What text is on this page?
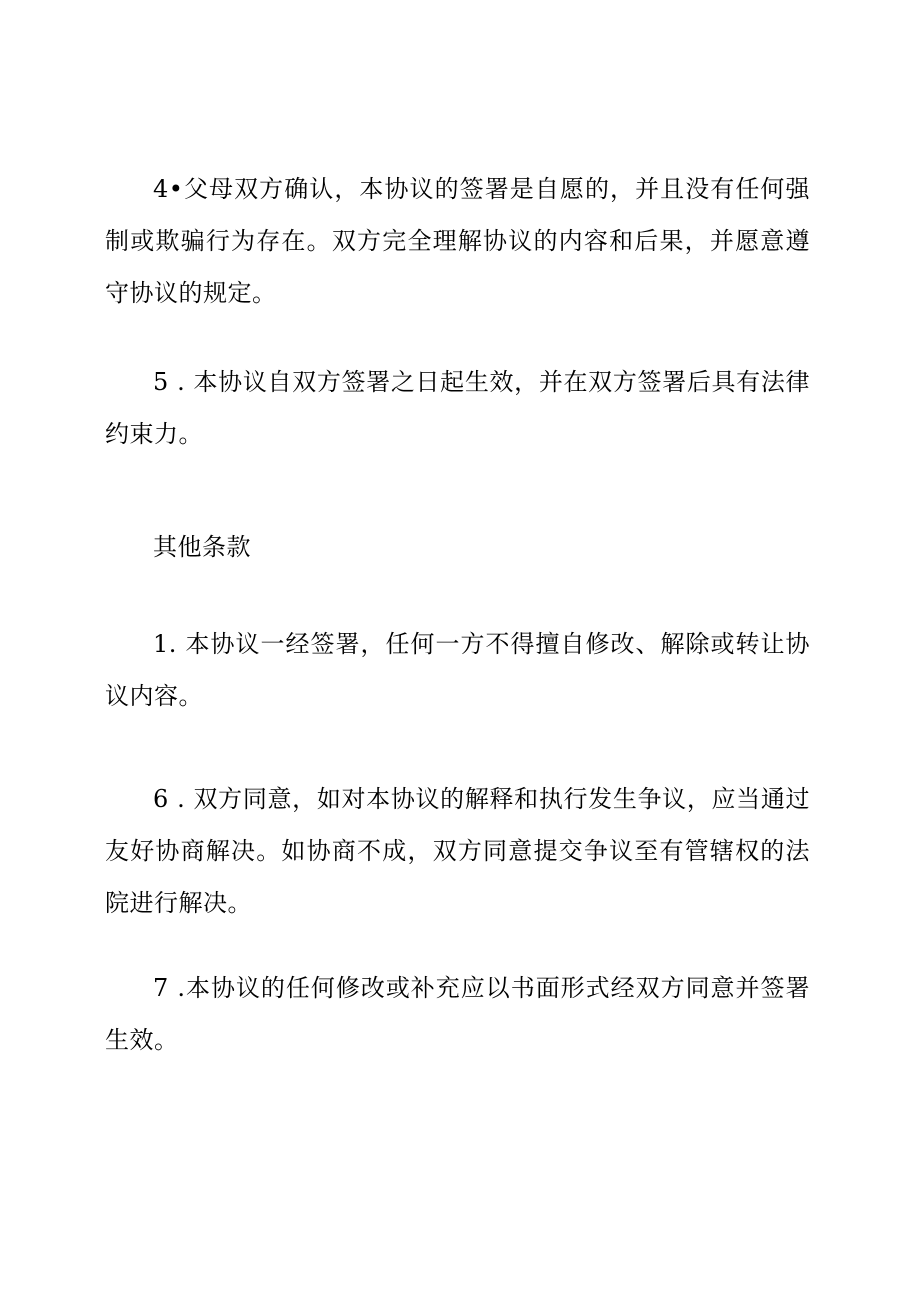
4•父母双方确认，本协议的签署是自愿的，并且没有任何强制或欺骗行为存在。双方完全理解协议的内容和后果，并愿意遵守协议的规定。

5 . 本协议自双方签署之日起生效，并在双方签署后具有法律约束力。

其他条款

1. 本协议一经签署，任何一方不得擅自修改、解除或转让协议内容。

6 . 双方同意，如对本协议的解释和执行发生争议，应当通过友好协商解决。如协商不成，双方同意提交争议至有管辖权的法院进行解决。

7 .本协议的任何修改或补充应以书面形式经双方同意并签署生效。
